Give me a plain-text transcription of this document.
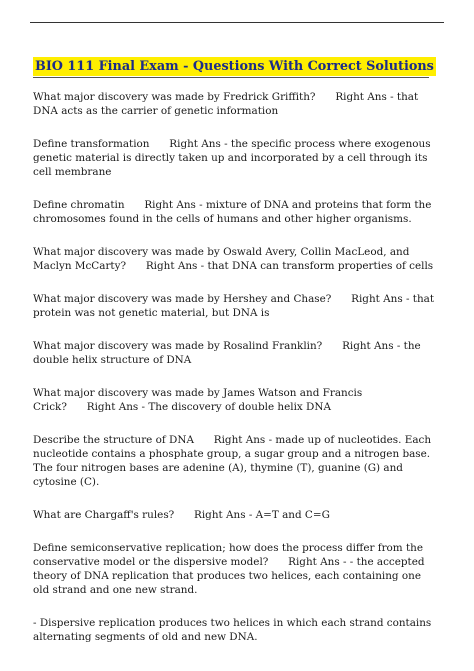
BIO 111 Final Exam - Questions With Correct Solutions

What major discovery was made by Fredrick Griffith?      Right Ans - that DNA acts as the carrier of genetic information

Define transformation      Right Ans - the specific process where exogenous genetic material is directly taken up and incorporated by a cell through its cell membrane

Define chromatin      Right Ans - mixture of DNA and proteins that form the chromosomes found in the cells of humans and other higher organisms.

What major discovery was made by Oswald Avery, Collin MacLeod, and Maclyn McCarty?      Right Ans - that DNA can transform properties of cells

What major discovery was made by Hershey and Chase?      Right Ans - that protein was not genetic material, but DNA is

What major discovery was made by Rosalind Franklin?      Right Ans - the double helix structure of DNA

What major discovery was made by James Watson and Francis Crick?      Right Ans - The discovery of double helix DNA

Describe the structure of DNA      Right Ans - made up of nucleotides. Each nucleotide contains a phosphate group, a sugar group and a nitrogen base. The four nitrogen bases are adenine (A), thymine (T), guanine (G) and cytosine (C).

What are Chargaff's rules?      Right Ans - A=T and C=G

Define semiconservative replication; how does the process differ from the conservative model or the dispersive model?      Right Ans - - the accepted theory of DNA replication that produces two helices, each containing one old strand and one new strand.

- Dispersive replication produces two helices in which each strand contains alternating segments of old and new DNA.
